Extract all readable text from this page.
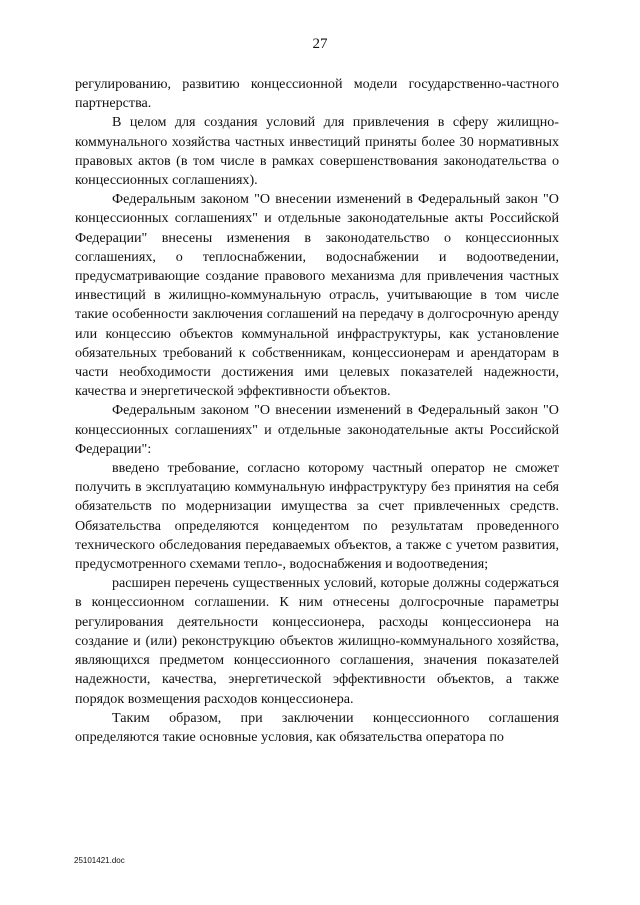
27

регулированию, развитию концессионной модели государственно-частного партнерства.

В целом для создания условий для привлечения в сферу жилищно-коммунального хозяйства частных инвестиций приняты более 30 нормативных правовых актов (в том числе в рамках совершенствования законодательства о концессионных соглашениях).

Федеральным законом "О внесении изменений в Федеральный закон "О концессионных соглашениях" и отдельные законодательные акты Российской Федерации" внесены изменения в законодательство о концессионных соглашениях, о теплоснабжении, водоснабжении и водоотведении, предусматривающие создание правового механизма для привлечения частных инвестиций в жилищно-коммунальную отрасль, учитывающие в том числе такие особенности заключения соглашений на передачу в долгосрочную аренду или концессию объектов коммунальной инфраструктуры, как установление обязательных требований к собственникам, концессионерам и арендаторам в части необходимости достижения ими целевых показателей надежности, качества и энергетической эффективности объектов.

Федеральным законом "О внесении изменений в Федеральный закон "О концессионных соглашениях" и отдельные законодательные акты Российской Федерации":

введено требование, согласно которому частный оператор не сможет получить в эксплуатацию коммунальную инфраструктуру без принятия на себя обязательств по модернизации имущества за счет привлеченных средств. Обязательства определяются концедентом по результатам проведенного технического обследования передаваемых объектов, а также с учетом развития, предусмотренного схемами тепло-, водоснабжения и водоотведения;

расширен перечень существенных условий, которые должны содержаться в концессионном соглашении. К ним отнесены долгосрочные параметры регулирования деятельности концессионера, расходы концессионера на создание и (или) реконструкцию объектов жилищно-коммунального хозяйства, являющихся предметом концессионного соглашения, значения показателей надежности, качества, энергетической эффективности объектов, а также порядок возмещения расходов концессионера.

Таким образом, при заключении концессионного соглашения определяются такие основные условия, как обязательства оператора по

25101421.doc
